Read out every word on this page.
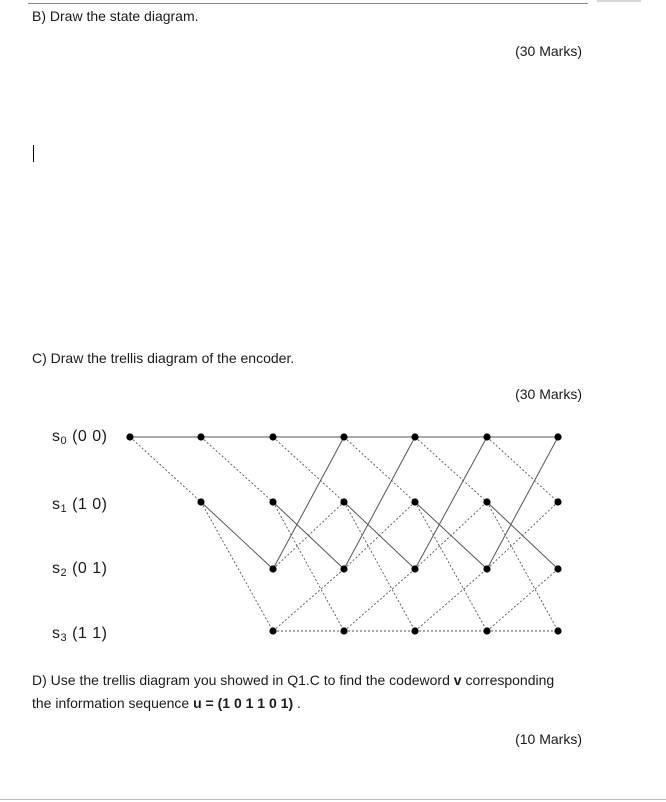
B) Draw the state diagram.
(30 Marks)
C) Draw the trellis diagram of the encoder.
(30 Marks)
s0 (0 0)
s1 (1 0)
s2 (0 1)
s3 (1 1)
D) Use the trellis diagram you showed in Q1.C to find the codeword v corresponding
the information sequence u = (1 0 1 1 0 1) .
(10 Marks)
